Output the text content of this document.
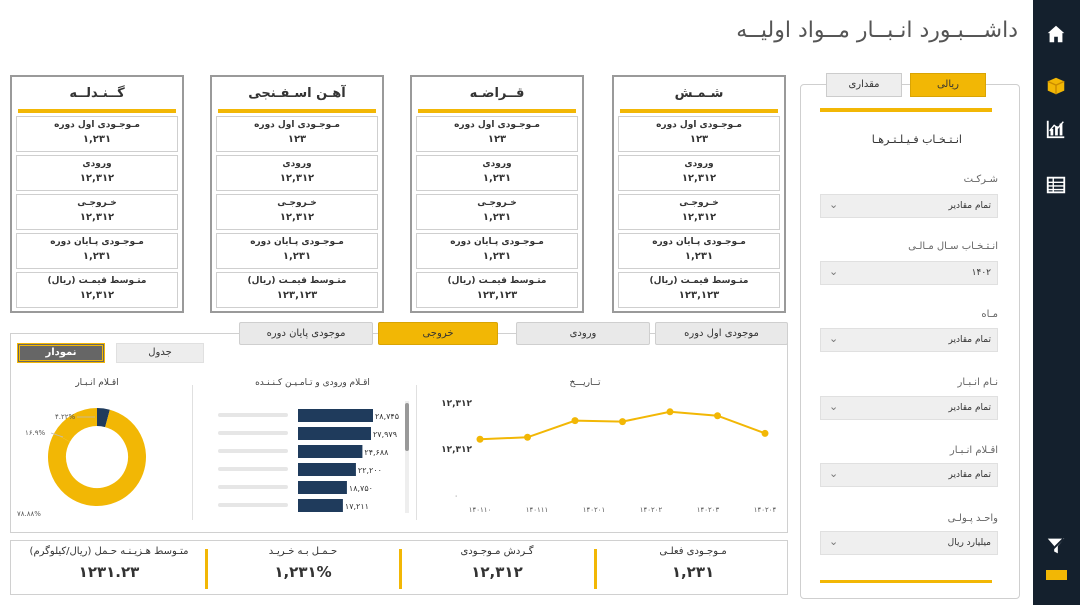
داشـــبـورد انـبــار مــواد اولیــه
شـمـش
مـوجـودی اول دوره
۱۲۳
ورودی
۱۲,۳۱۲
خـروجـی
۱۲,۳۱۲
مـوجـودی پـایان دوره
۱,۲۳۱
متـوسط قیمـت (ریال)
۱۲۳,۱۲۳
قــراضـه
مـوجـودی اول دوره
۱۲۳
ورودی
۱,۲۳۱
خـروجـی
۱,۲۳۱
مـوجـودی پـایان دوره
۱,۲۳۱
متـوسط قیمـت (ریال)
۱۲۳,۱۲۳
آهـن اسـفـنجی
مـوجـودی اول دوره
۱۲۳
ورودی
۱۲,۳۱۲
خـروجـی
۱۲,۳۱۲
مـوجـودی پـایان دوره
۱,۲۳۱
متـوسط قیمـت (ریال)
۱۲۳,۱۲۳
گــنـدلــه
مـوجـودی اول دوره
۱,۲۳۱
ورودی
۱۲,۳۱۲
خـروجـی
۱۲,۳۱۲
مـوجـودی پـایان دوره
۱,۲۳۱
متـوسط قیمـت (ریال)
۱۲,۳۱۲
موجودی اول دوره
ورودی
خروجی
موجودی پایان دوره
نمودار	جدول
تــاریـــخ
اقـلام ورودی و تـامـیـن کـنـنـده
اقـلام انـبـار
۱۲,۳۱۲
۱۲,۳۱۲
۰
۱۴۰۱۱۰	۱۴۰۱۱۱	۱۴۰۲۰۱	۱۴۰۲۰۲	۱۴۰۲۰۳	۱۴۰۲۰۴
۲۸,۷۴۵
۲۷,۹۷۹
۲۴,۶۸۸
۲۲,۲۰۰
۱۸,۷۵۰
۱۷,۲۱۱
۷۸.۸۸%
۱۶.۹%
۴.۲۲%
مـوجـودی فعلـی
۱,۲۳۱
گـردش مـوجـودی
۱۲,۳۱۲
حـمـل بـه خـریـد
۱,۲۳۱%
متـوسط هـزیـنـه حـمل (ریال/کیلوگرم)
۱۲۳۱.۲۳
ریالی
مقداری
انـتـخـاب فـیـلـتـرهـا
شـرکـت
تمام مقادیر
⌄
انـتـخـاب سـال مـالـی
۱۴۰۲
⌄
مـاه
تمام مقادیر
⌄
نـام انـبـار
تمام مقادیر
⌄
اقـلام انـبـار
تمام مقادیر
⌄
واحـد پـولـی
میلیارد ریال
⌄
